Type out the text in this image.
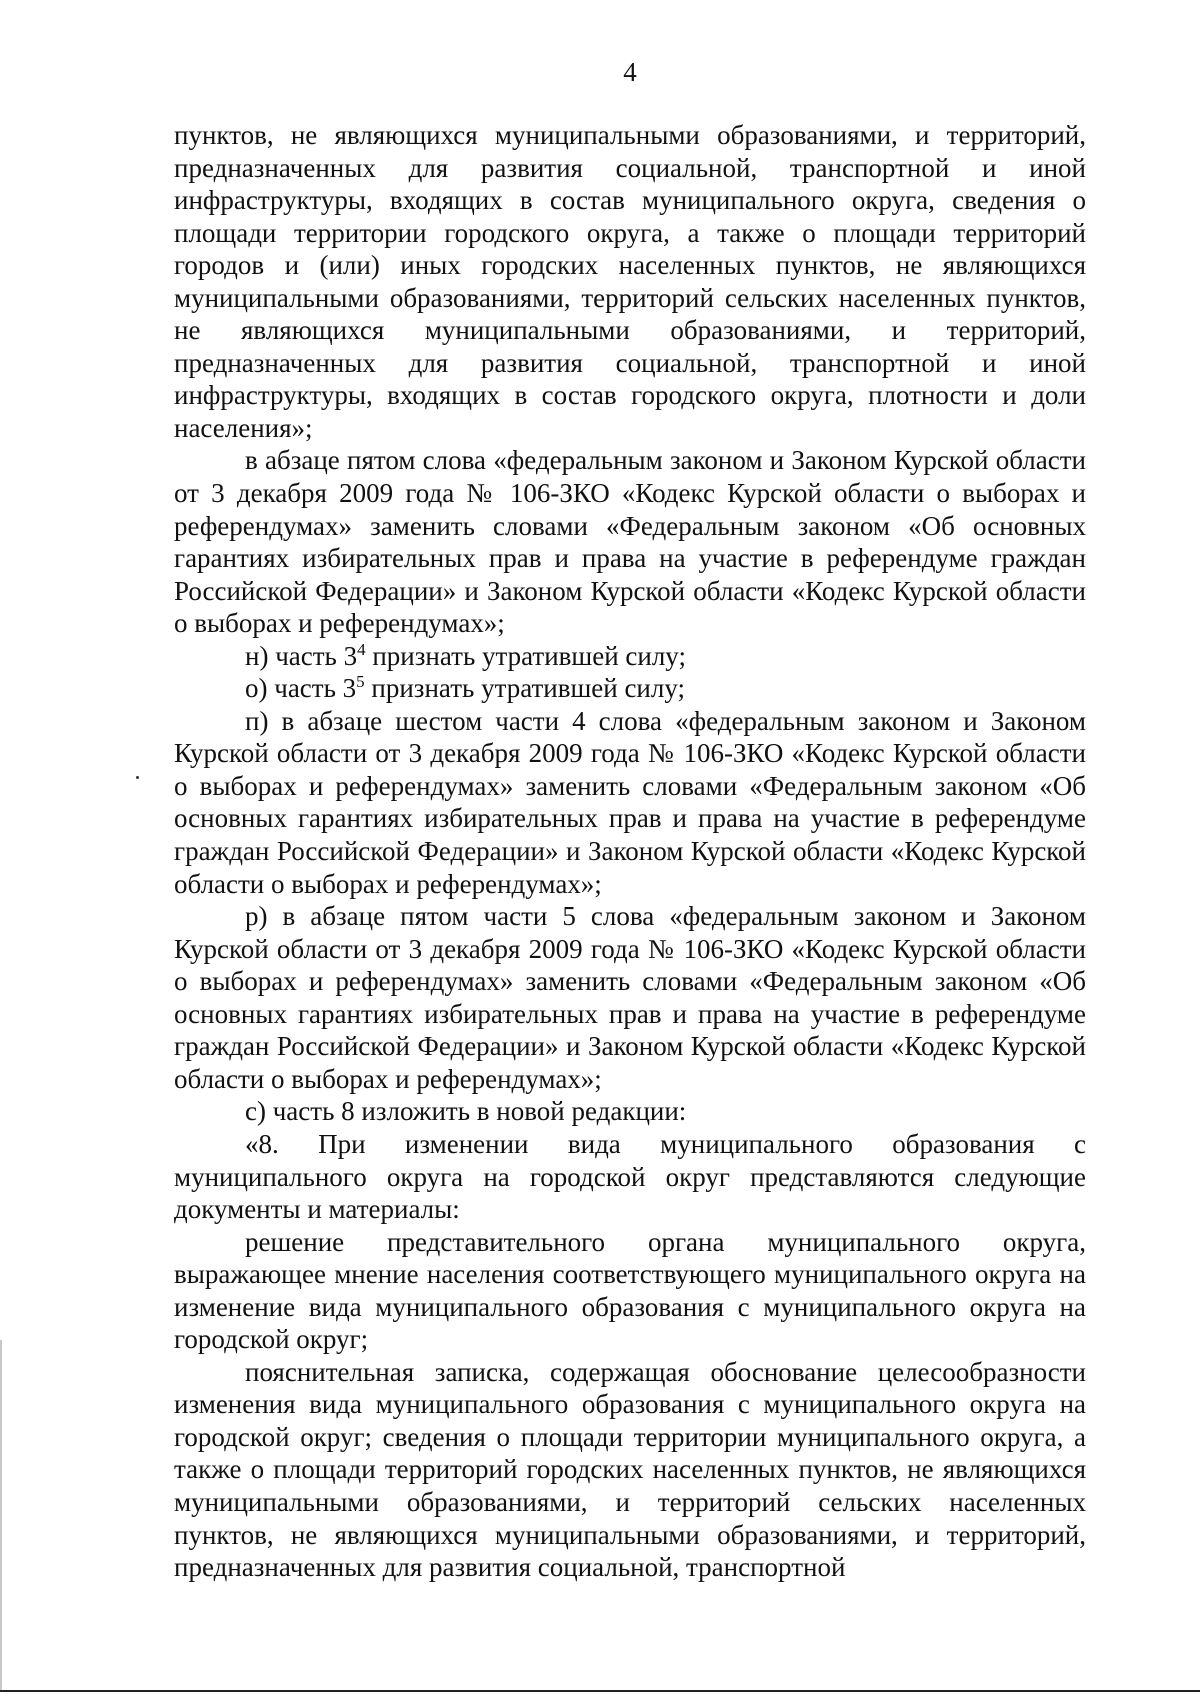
4

пунктов, не являющихся муниципальными образованиями, и территорий, предназначенных для развития социальной, транспортной и иной инфраструктуры, входящих в состав муниципального округа, сведения о площади территории городского округа, а также о площади территорий городов и (или) иных городских населенных пунктов, не являющихся муниципальными образованиями, территорий сельских населенных пунктов, не являющихся муниципальными образованиями, и территорий, предназначенных для развития социальной, транспортной и иной инфраструктуры, входящих в состав городского округа, плотности и доли населения»;

в абзаце пятом слова «федеральным законом и Законом Курской области от 3 декабря 2009 года № 106-ЗКО «Кодекс Курской области о выборах и референдумах» заменить словами «Федеральным законом «Об основных гарантиях избирательных прав и права на участие в референдуме граждан Российской Федерации» и Законом Курской области «Кодекс Курской области о выборах и референдумах»;

н) часть $3^4$ признать утратившей силу;

о) часть $3^5$ признать утратившей силу;

п) в абзаце шестом части 4 слова «федеральным законом и Законом Курской области от 3 декабря 2009 года № 106-ЗКО «Кодекс Курской области о выборах и референдумах» заменить словами «Федеральным законом «Об основных гарантиях избирательных прав и права на участие в референдуме граждан Российской Федерации» и Законом Курской области «Кодекс Курской области о выборах и референдумах»;

р) в абзаце пятом части 5 слова «федеральным законом и Законом Курской области от 3 декабря 2009 года № 106-ЗКО «Кодекс Курской области о выборах и референдумах» заменить словами «Федеральным законом «Об основных гарантиях избирательных прав и права на участие в референдуме граждан Российской Федерации» и Законом Курской области «Кодекс Курской области о выборах и референдумах»;

с) часть 8 изложить в новой редакции:

«8. При изменении вида муниципального образования с муниципального округа на городской округ представляются следующие документы и материалы:

решение представительного органа муниципального округа, выражающее мнение населения соответствующего муниципального округа на изменение вида муниципального образования с муниципального округа на городской округ;

пояснительная записка, содержащая обоснование целесообразности изменения вида муниципального образования с муниципального округа на городской округ; сведения о площади территории муниципального округа, а также о площади территорий городских населенных пунктов, не являющихся муниципальными образованиями, и территорий сельских населенных пунктов, не являющихся муниципальными образованиями, и территорий, предназначенных для развития социальной, транспортной
